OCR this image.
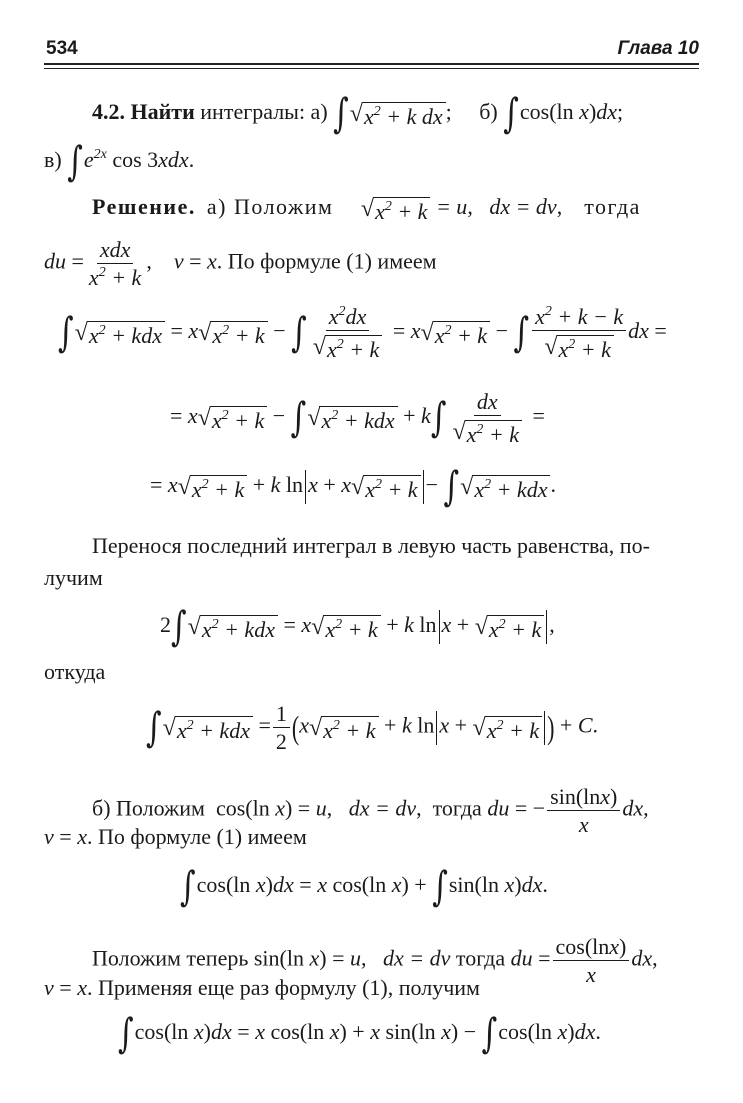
534	Глава 10
4.2. Найти интегралы: а) ∫ √ $x^2 + k$ dx ; б) ∫cos(ln x)dx;
в) $\int e^{2x}$ cos 3xdx.
Решение. а) Положим √ $x^2 + k = u$,   dx = dv,    тогда
du = $\frac{\text{xdx}}{x^2 + k}$ ,    v = x. По формуле (1) имеем
∫ √ $x^2$ + kdx = x √ $x^2 + k$ − ∫ $\frac{x^2dx}{√ x^2 + k} = x$ √ $x^2 + k$ − ∫ $\frac{x^2 + k - k}{√ x^2 + k}$ dx =
= x √ $x^2 + k$ − ∫ √ $x^2$ + kdx + $k\int \frac{dx}{√ x^2 + k}$ =
= x √ $x^2 + k + k$ ln x + x √ $x^2 + k$ − ∫ √ $x^2$ + kdx .
Перенося последний интеграл в левую часть равенства, по-
лучим
2∫ √ $x^2$ + kdx = x √ $x^2 + k + k$ ln x + √ $x^2 + k$ ,
откуда
∫ √ $x^2$ + kdx = $\frac{1}{2} (x$ √ $x^2 + k + k$ ln x + √ $x^2 + k$ ) + C.
б) Положим  cos(ln x) = u,   dx = dv,  тогда du = − $\frac{\sin(\ln x)}{x}$ dx,
v = x. По формуле (1) имеем
∫cos(ln x)dx = x cos(ln x) + ∫sin(ln x)dx.
Положим теперь sin(ln x) = u,   dx = dv тогда du = $\frac{\cos(\ln x)}{x}$ dx,
v = x. Применяя еще раз формулу (1), получим
∫cos(ln x)dx = x cos(ln x) + x sin(ln x) − ∫cos(ln x)dx.
